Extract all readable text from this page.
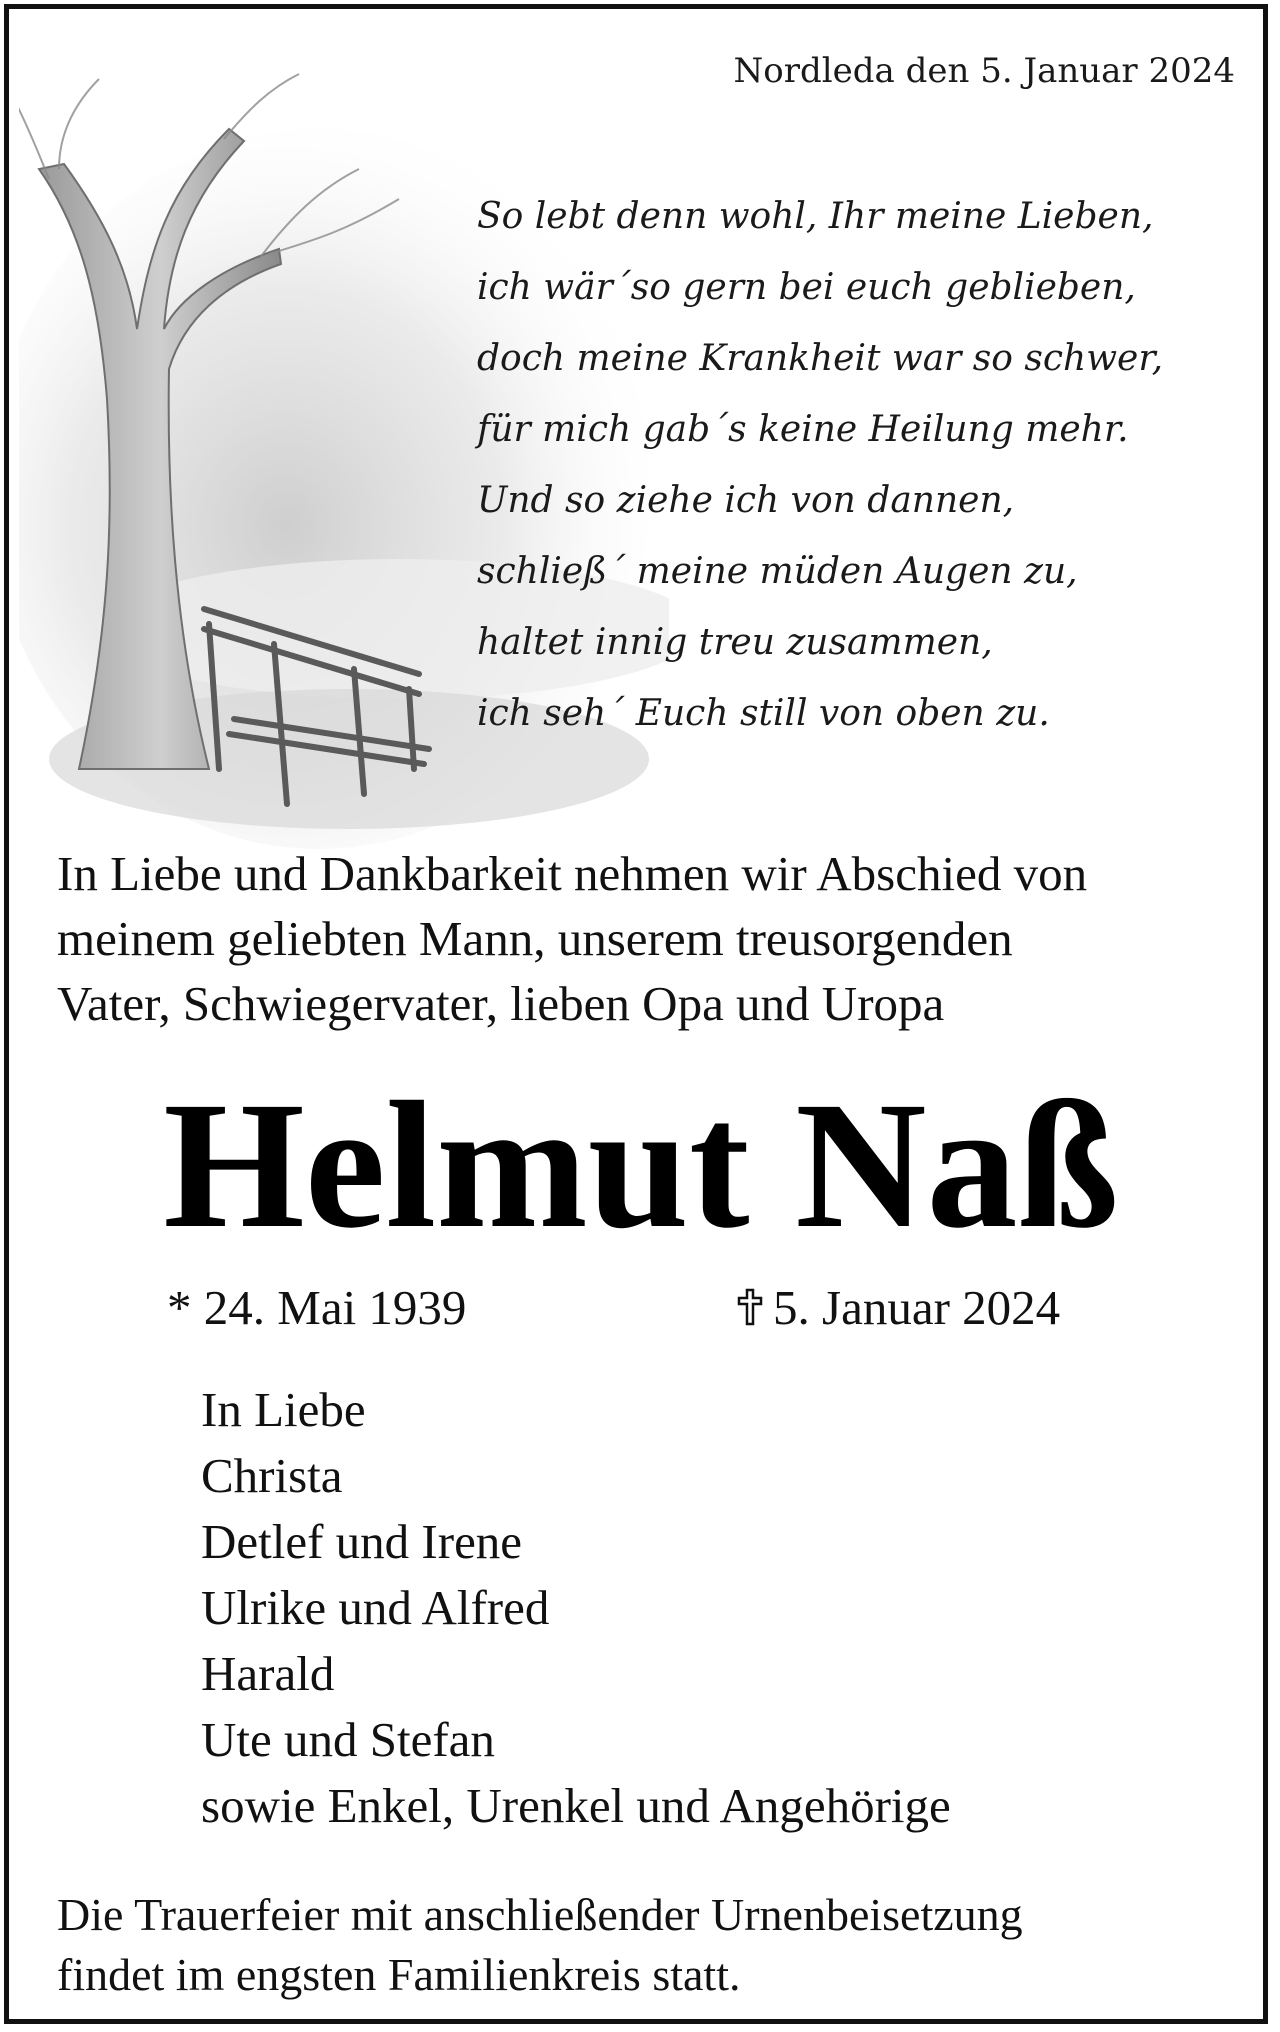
Nordleda den 5. Januar 2024
So lebt denn wohl, Ihr meine Lieben,
ich wär´so gern bei euch geblieben,
doch meine Krankheit war so schwer,
für mich gab´s keine Heilung mehr.
Und so ziehe ich von dannen,
schließ´ meine müden Augen zu,
haltet innig treu zusammen,
ich seh´ Euch still von oben zu.
In Liebe und Dankbarkeit nehmen wir Abschied von
meinem geliebten Mann, unserem treusorgenden
Vater, Schwiegervater, lieben Opa und Uropa
Helmut Naß
* 24. Mai 1939	5. Januar 2024
In Liebe
Christa
Detlef und Irene
Ulrike und Alfred
Harald
Ute und Stefan
sowie Enkel, Urenkel und Angehörige
Die Trauerfeier mit anschließender Urnenbeisetzung
findet im engsten Familienkreis statt.
